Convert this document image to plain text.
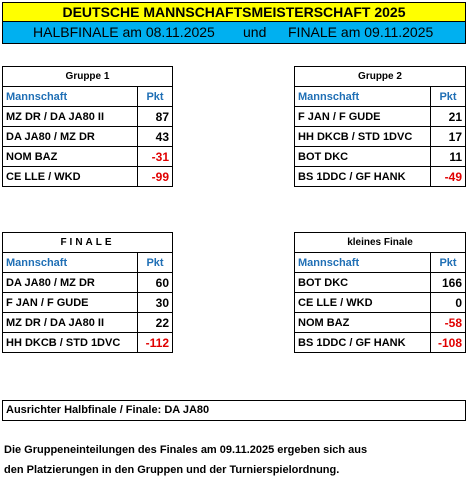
DEUTSCHE MANNSCHAFTSMEISTERSCHAFT 2025
HALBFINALE am 08.11.2025 und FINALE am 09.11.2025
Gruppe 1	
Mannschaft	Pkt
MZ DR / DA JA80 II	87
DA JA80 / MZ DR	43
NOM BAZ	-31
CE LLE / WKD	-99
Gruppe 2	
Mannschaft	Pkt
F JAN / F GUDE	21
HH DKCB / STD 1DVC	17
BOT DKC	11
BS 1DDC / GF HANK	-49
FINALE	
Mannschaft	Pkt
DA JA80 / MZ DR	60
F JAN / F GUDE	30
MZ DR / DA JA80 II	22
HH DKCB / STD 1DVC	-112
kleines Finale	
Mannschaft	Pkt
BOT DKC	166
CE LLE / WKD	0
NOM BAZ	-58
BS 1DDC / GF HANK	-108
Ausrichter Halbfinale / Finale: DA JA80
Die Gruppeneinteilungen des Finales am 09.11.2025 ergeben sich aus
den Platzierungen in den Gruppen und der Turnierspielordnung.
